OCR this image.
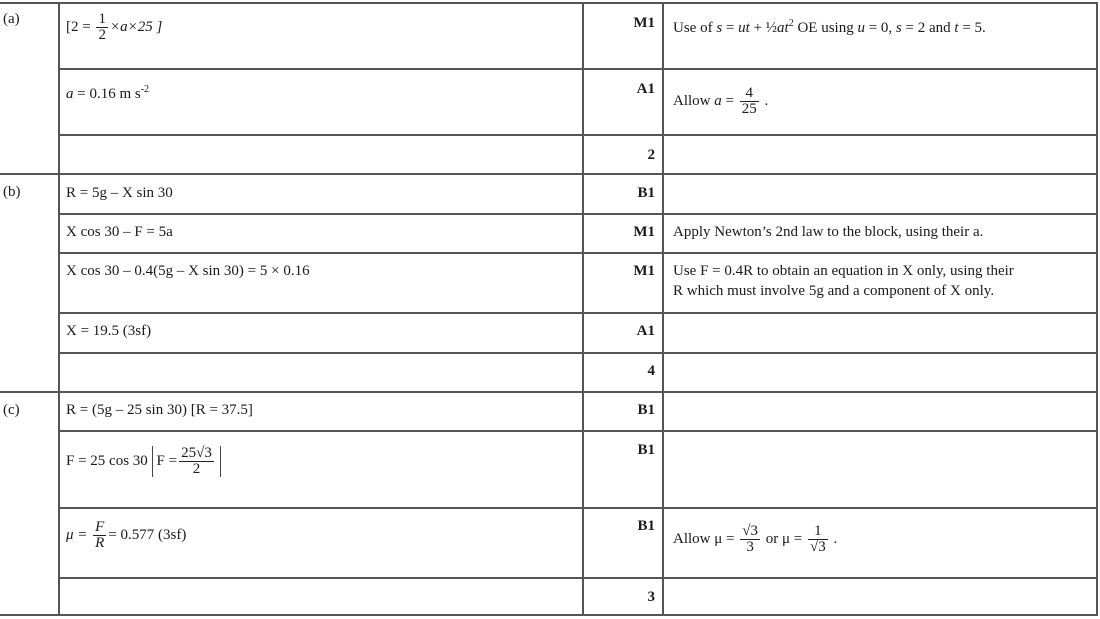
(a)
(b)
(c)
[$2 = \frac{1}{2} \times a\times 25$ ]
a = 0.16 m $s^{-2}$
M1
A1
2
Use of s = ut + $\frac{1}{2}at^2$ OE using u = 0, s = 2 and t = 5.
Allow $a = \frac{4}{25}$ .
R = 5g – X sin 30
X cos 30 – F = 5a
X cos 30 – 0.4(5g – X sin 30) = 5 × 0.16
X = 19.5 (3sf)
B1
M1
M1
A1
4
Apply Newton’s 2nd law to the block, using their a.
Use F = 0.4R to obtain an equation in X only, using their
R which must involve 5g and a component of X only.
R = (5g – 25 sin 30) [R = 37.5]
F = 25 cos 30 $F = \frac{25√3}{2}$
$\mu = \frac{F}{R} = 0.577$ (3sf)
B1
B1
B1
3
Allow $\mu = \frac{√3}{3}$ or $\mu = \frac{1}{√3}$ .
